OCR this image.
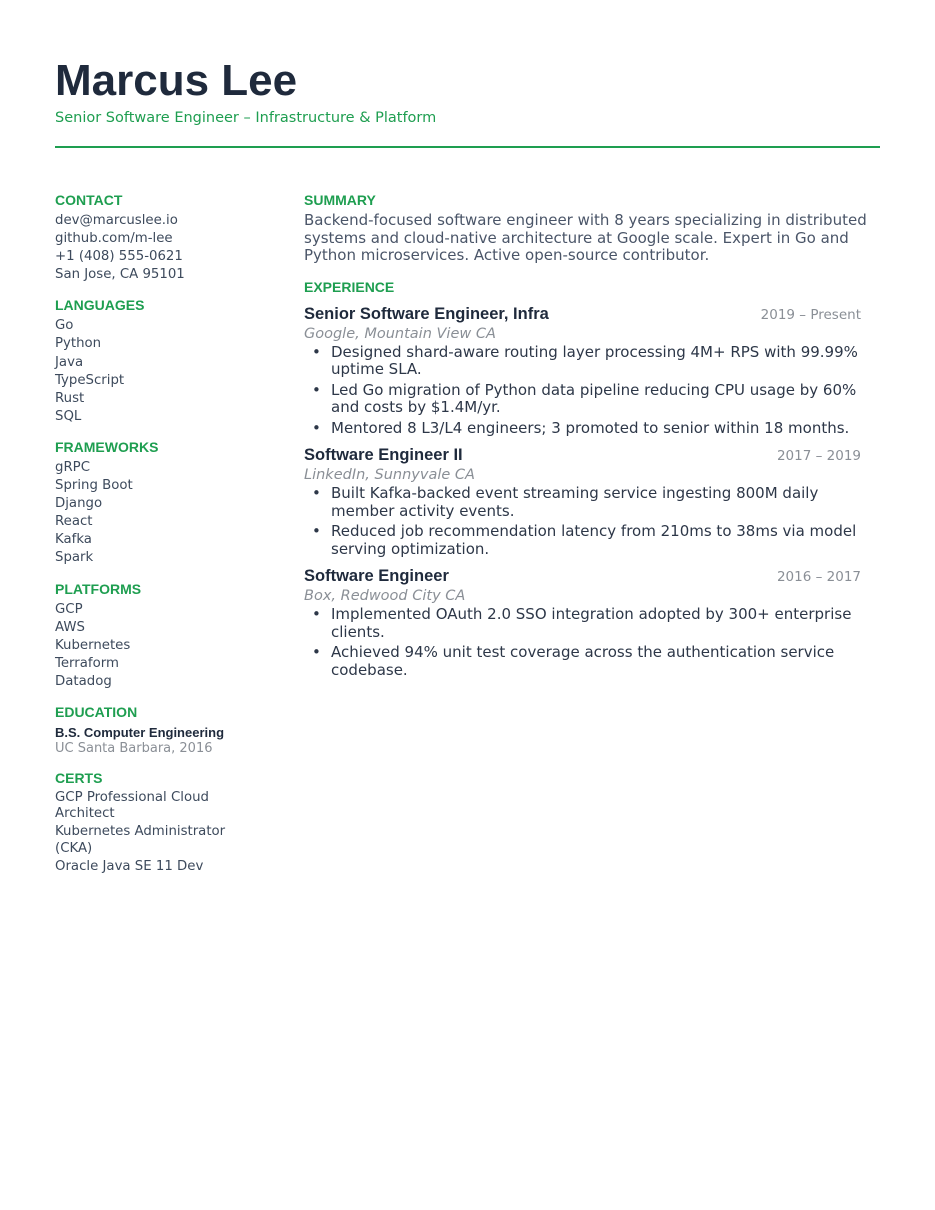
Marcus Lee
Senior Software Engineer – Infrastructure & Platform
CONTACT
dev@marcuslee.io
github.com/m-lee
+1 (408) 555-0621
San Jose, CA 95101
LANGUAGES
Go
Python
Java
TypeScript
Rust
SQL
FRAMEWORKS
gRPC
Spring Boot
Django
React
Kafka
Spark
PLATFORMS
GCP
AWS
Kubernetes
Terraform
Datadog
EDUCATION
B.S. Computer Engineering
UC Santa Barbara, 2016
CERTS
GCP Professional Cloud Architect
Kubernetes Administrator (CKA)
Oracle Java SE 11 Dev
SUMMARY

Backend-focused software engineer with 8 years specializing in distributed systems and cloud-native architecture at Google scale. Expert in Go and Python microservices. Active open-source contributor.

EXPERIENCE
Senior Software Engineer, Infra	2019 – Present
Google, Mountain View CA
• Designed shard-aware routing layer processing 4M+ RPS with 99.99% uptime SLA.
• Led Go migration of Python data pipeline reducing CPU usage by 60% and costs by $1.4M/yr.
• Mentored 8 L3/L4 engineers; 3 promoted to senior within 18 months.
Software Engineer II	2017 – 2019
LinkedIn, Sunnyvale CA
• Built Kafka-backed event streaming service ingesting 800M daily member activity events.
• Reduced job recommendation latency from 210ms to 38ms via model serving optimization.
Software Engineer	2016 – 2017
Box, Redwood City CA
• Implemented OAuth 2.0 SSO integration adopted by 300+ enterprise clients.
• Achieved 94% unit test coverage across the authentication service codebase.
